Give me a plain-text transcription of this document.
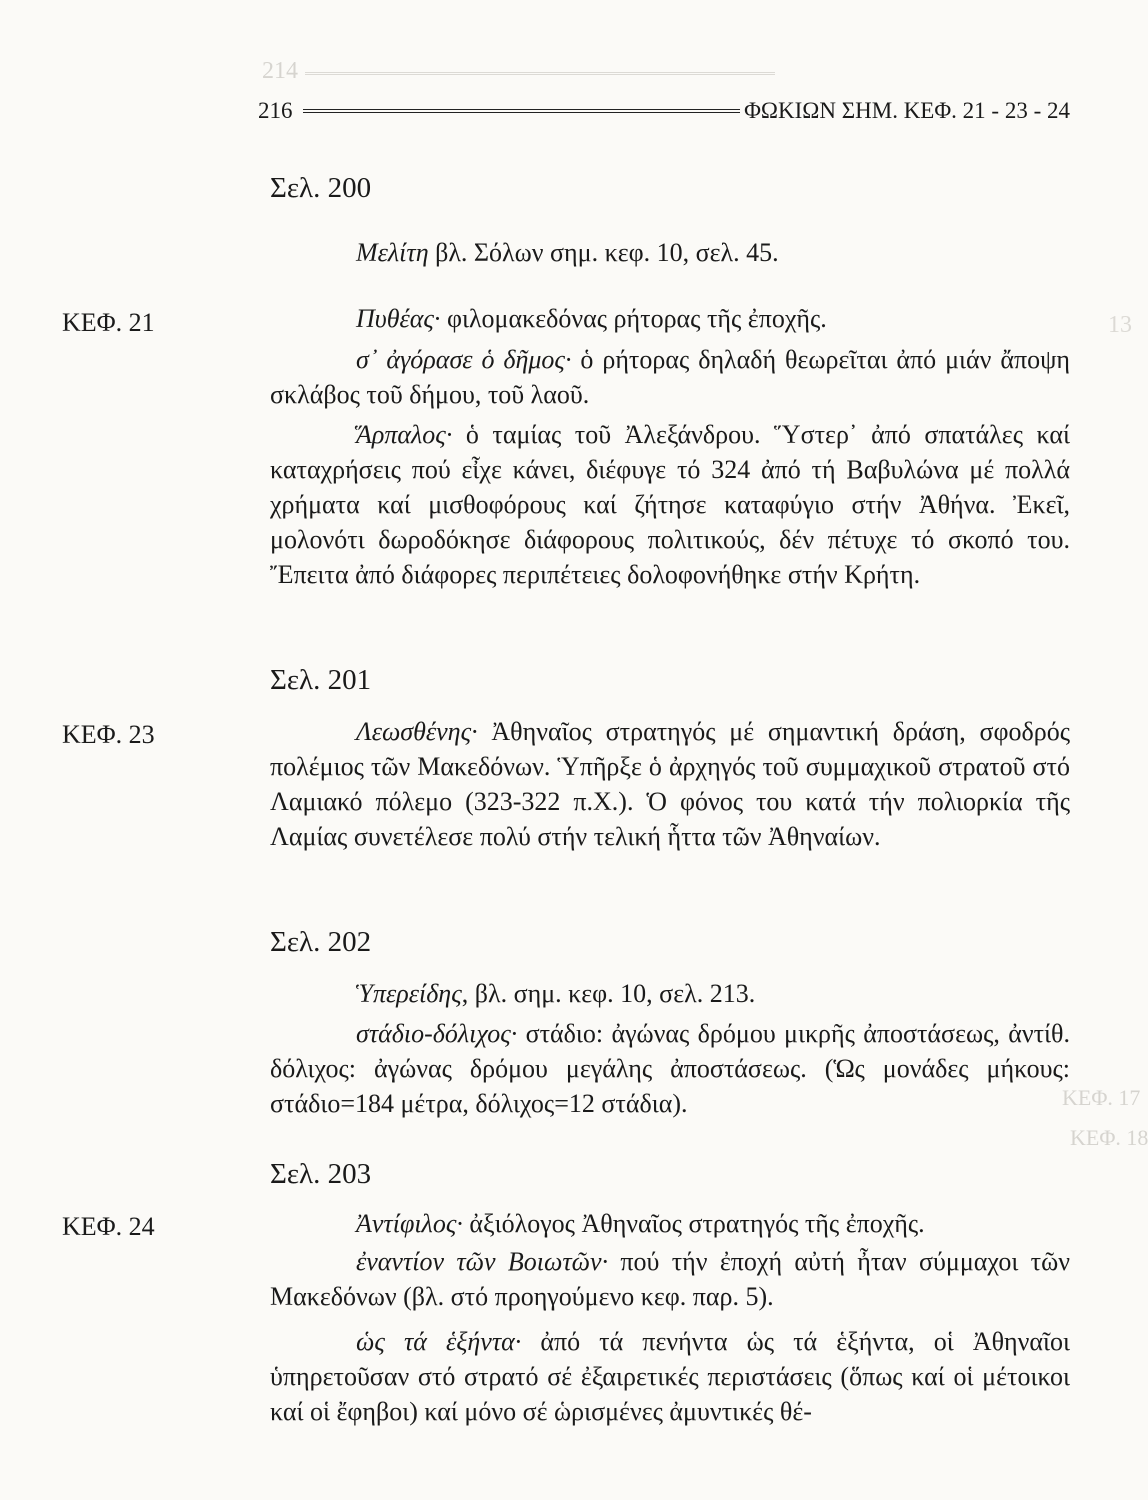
214
13
ΚΕΦ. 17
ΚΕΦ. 18
216	ΦΩΚΙΩΝ ΣΗΜ. ΚΕΦ. 21 - 23 - 24
Σελ. 200

Μελίτη βλ. Σόλων σημ. κεφ. 10, σελ. 45.

ΚΕΦ. 21	Πυθέας· φιλομακεδόνας ρήτορας τῆς ἐποχῆς.

σ᾽ ἀγόρασε ὁ δῆμος· ὁ ρήτορας δηλαδή θεωρεῖται ἀπό μιάν ἄποψη σκλάβος τοῦ δήμου, τοῦ λαοῦ.

Ἅρπαλος· ὁ ταμίας τοῦ Ἀλεξάνδρου. Ὕστερ᾽ ἀπό σπατάλες καί καταχρήσεις πού εἶχε κάνει, διέφυγε τό 324 ἀπό τή Βαβυλώνα μέ πολλά χρήματα καί μισθοφόρους καί ζήτησε καταφύγιο στήν Ἀθήνα. Ἐκεῖ, μολονότι δωροδόκησε διάφορους πολιτικούς, δέν πέτυχε τό σκοπό του. Ἔπειτα ἀπό διάφορες περιπέτειες δολοφονήθηκε στήν Κρήτη.

Σελ. 201
ΚΕΦ. 23	Λεωσθένης· Ἀθηναῖος στρατηγός μέ σημαντική δράση, σφοδρός πολέμιος τῶν Μακεδόνων. Ὑπῆρξε ὁ ἀρχηγός τοῦ συμμαχικοῦ στρατοῦ στό Λαμιακό πόλεμο (323-322 π.Χ.). Ὁ φόνος του κατά τήν πολιορκία τῆς Λαμίας συνετέλεσε πολύ στήν τελική ἧττα τῶν Ἀθηναίων.

Σελ. 202

Ὑπερείδης, βλ. σημ. κεφ. 10, σελ. 213.

στάδιο-δόλιχος· στάδιο: ἀγώνας δρόμου μικρῆς ἀποστάσεως, ἀντίθ. δόλιχος: ἀγώνας δρόμου μεγάλης ἀποστάσεως. (Ὡς μονάδες μήκους: στάδιο=184 μέτρα, δόλιχος=12 στάδια).

Σελ. 203
ΚΕΦ. 24	Ἀντίφιλος· ἀξιόλογος Ἀθηναῖος στρατηγός τῆς ἐποχῆς.

ἐναντίον τῶν Βοιωτῶν· πού τήν ἐποχή αὐτή ἦταν σύμμαχοι τῶν Μακεδόνων (βλ. στό προηγούμενο κεφ. παρ. 5).

ὡς τά ἑξήντα· ἀπό τά πενήντα ὡς τά ἑξήντα, οἱ Ἀθηναῖοι ὑπηρετοῦσαν στό στρατό σέ ἐξαιρετικές περιστάσεις (ὅπως καί οἱ μέτοικοι καί οἱ ἔφηβοι) καί μόνο σέ ὡρισμένες ἀμυντικές θέ-
